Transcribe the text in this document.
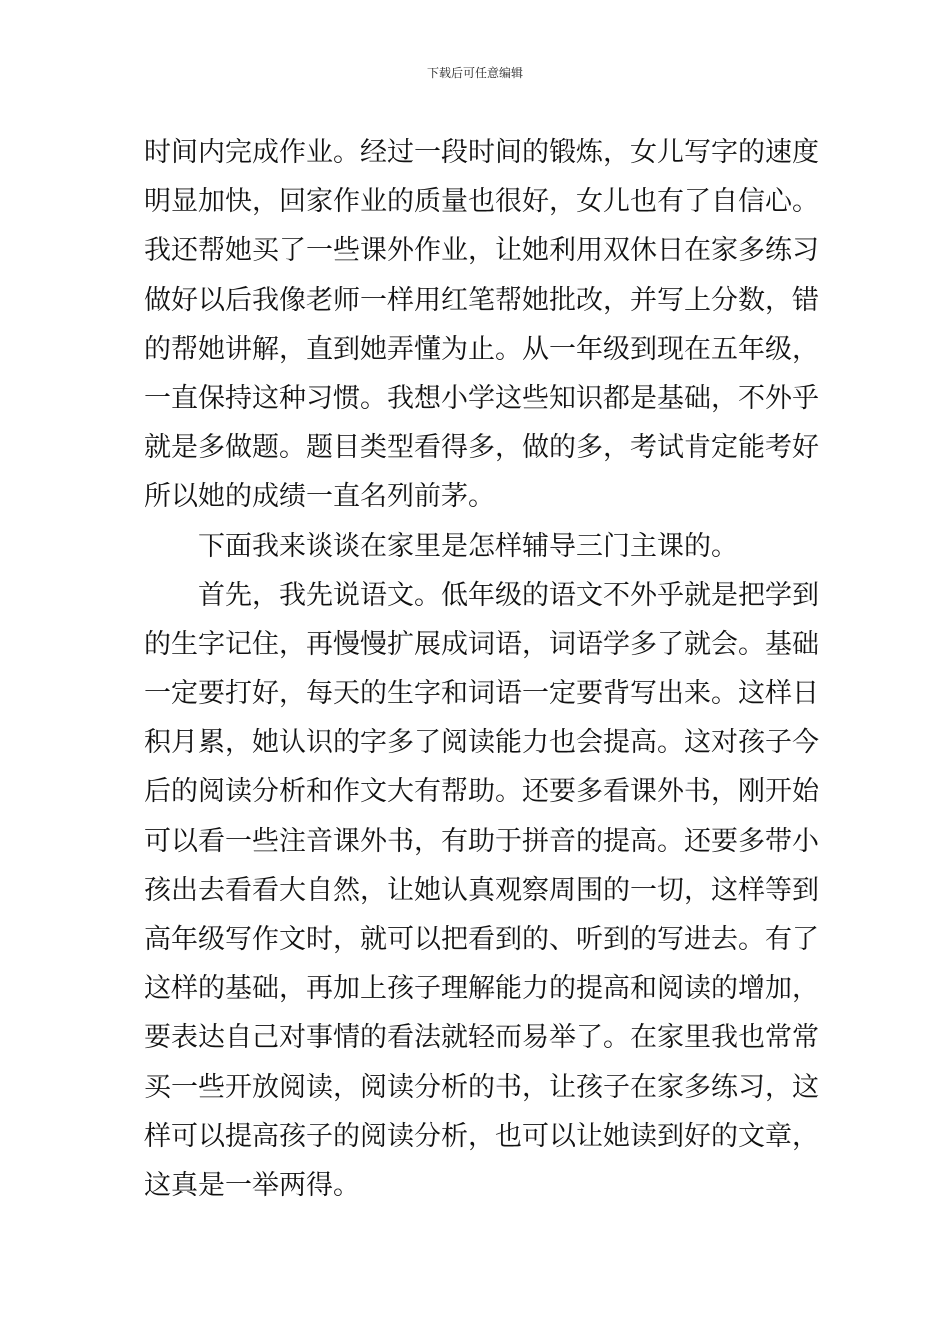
下载后可任意编辑
时间内完成作业。经过一段时间的锻炼，女儿写字的速度
明显加快，回家作业的质量也很好，女儿也有了自信心。
我还帮她买了一些课外作业，让她利用双休日在家多练习
做好以后我像老师一样用红笔帮她批改，并写上分数，错
的帮她讲解，直到她弄懂为止。从一年级到现在五年级，
一直保持这种习惯。我想小学这些知识都是基础，不外乎
就是多做题。题目类型看得多，做的多，考试肯定能考好
所以她的成绩一直名列前茅。
下面我来谈谈在家里是怎样辅导三门主课的。
首先，我先说语文。低年级的语文不外乎就是把学到
的生字记住，再慢慢扩展成词语，词语学多了就会。基础
一定要打好，每天的生字和词语一定要背写出来。这样日
积月累，她认识的字多了阅读能力也会提高。这对孩子今
后的阅读分析和作文大有帮助。还要多看课外书，刚开始
可以看一些注音课外书，有助于拼音的提高。还要多带小
孩出去看看大自然，让她认真观察周围的一切，这样等到
高年级写作文时，就可以把看到的、听到的写进去。有了
这样的基础，再加上孩子理解能力的提高和阅读的增加，
要表达自己对事情的看法就轻而易举了。在家里我也常常
买一些开放阅读，阅读分析的书，让孩子在家多练习，这
样可以提高孩子的阅读分析，也可以让她读到好的文章，
这真是一举两得。
